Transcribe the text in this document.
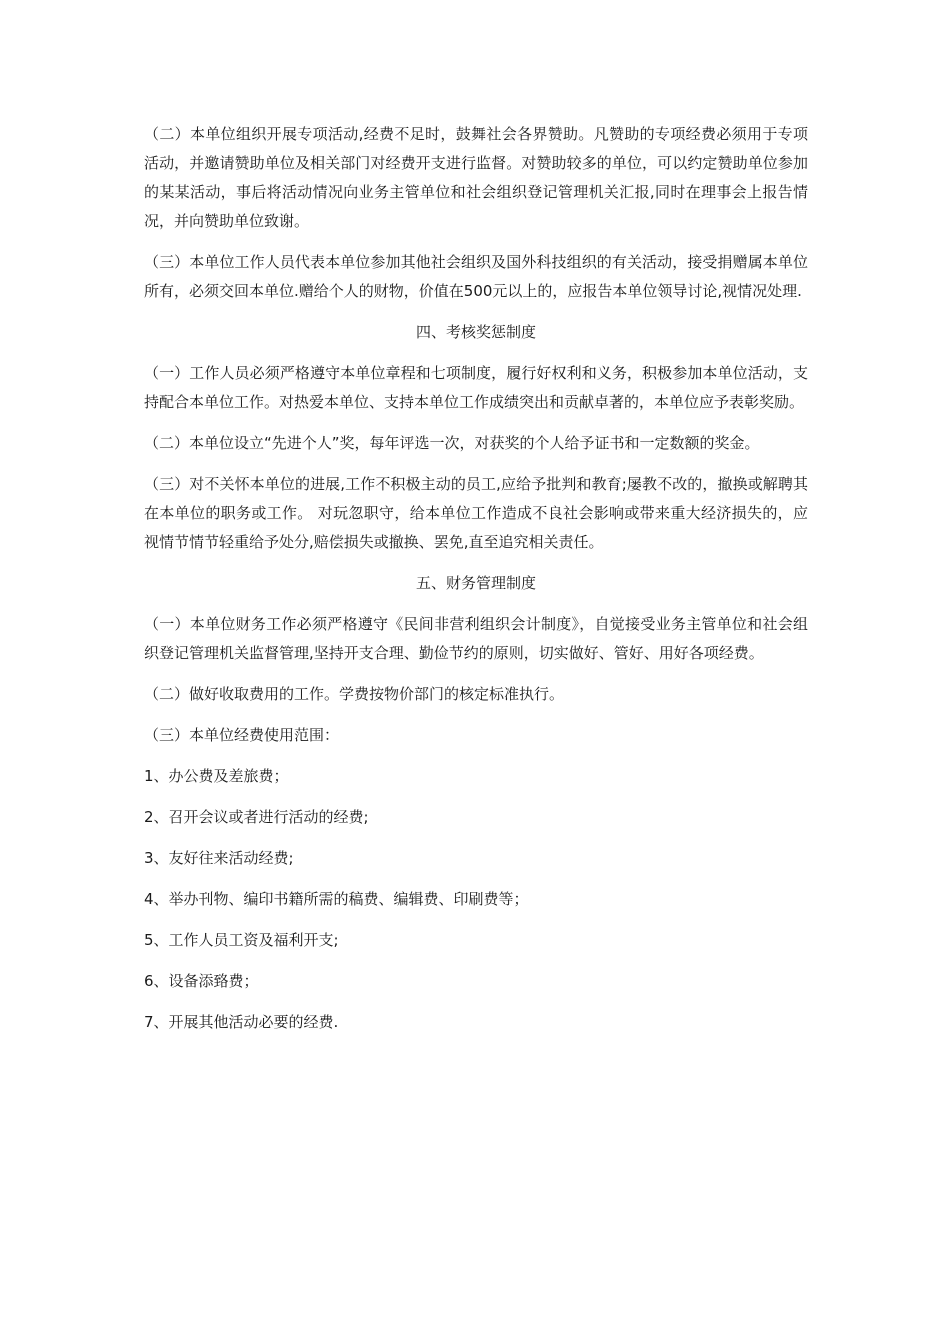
（二）本单位组织开展专项活动,经费不足时，鼓舞社会各界赞助。凡赞助的专项经费必须用于专项活动，并邀请赞助单位及相关部门对经费开支进行监督。对赞助较多的单位，可以约定赞助单位参加的某某活动，事后将活动情况向业务主管单位和社会组织登记管理机关汇报,同时在理事会上报告情况，并向赞助单位致谢。

（三）本单位工作人员代表本单位参加其他社会组织及国外科技组织的有关活动，接受捐赠属本单位所有，必须交回本单位.赠给个人的财物，价值在500元以上的，应报告本单位领导讨论,视情况处理.

四、考核奖惩制度

（一）工作人员必须严格遵守本单位章程和七项制度，履行好权利和义务，积极参加本单位活动，支持配合本单位工作。对热爱本单位、支持本单位工作成绩突出和贡献卓著的，本单位应予表彰奖励。

（二）本单位设立“先进个人”奖，每年评选一次，对获奖的个人给予证书和一定数额的奖金。

（三）对不关怀本单位的进展,工作不积极主动的员工,应给予批判和教育;屡教不改的，撤换或解聘其在本单位的职务或工作。 对玩忽职守，给本单位工作造成不良社会影响或带来重大经济损失的，应视情节情节轻重给予处分,赔偿损失或撤换、罢免,直至追究相关责任。

五、财务管理制度

（一）本单位财务工作必须严格遵守《民间非营利组织会计制度》，自觉接受业务主管单位和社会组织登记管理机关监督管理,坚持开支合理、勤俭节约的原则，切实做好、管好、用好各项经费。

（二）做好收取费用的工作。学费按物价部门的核定标准执行。

（三）本单位经费使用范围：

1、办公费及差旅费；

2、召开会议或者进行活动的经费;

3、友好往来活动经费;

4、举办刊物、编印书籍所需的稿费、编辑费、印刷费等；

5、工作人员工资及福利开支;

6、设备添臵费；

7、开展其他活动必要的经费.
